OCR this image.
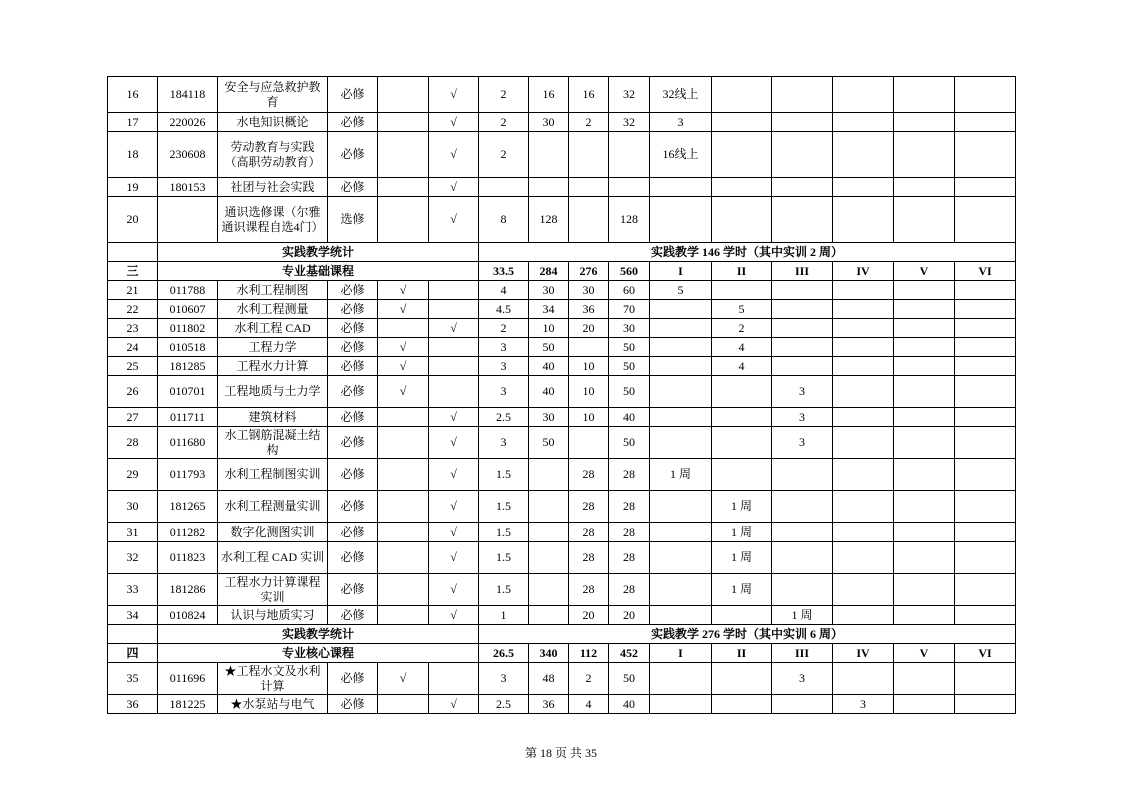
16	184118	安全与应急救护教育	必修		√	2	16	16	32	32线上					
17	220026	水电知识概论	必修		√	2	30	2	32	3					
18	230608	劳动教育与实践（高职劳动教育）	必修		√	2				16线上					
19	180153	社团与社会实践	必修		√										
20		通识选修课（尔雅通识课程自选4门）	选修		√	8	128		128						
	实践教学统计					实践教学 146 学时（其中实训 2 周）									
三	专业基础课程					33.5	284	276	560	I	II	III	IV	V	VI
21	011788	水利工程制图	必修	√		4	30	30	60	5					
22	010607	水利工程测量	必修	√		4.5	34	36	70		5				
23	011802	水利工程 CAD	必修		√	2	10	20	30		2				
24	010518	工程力学	必修	√		3	50		50		4				
25	181285	工程水力计算	必修	√		3	40	10	50		4				
26	010701	工程地质与土力学	必修	√		3	40	10	50			3			
27	011711	建筑材料	必修		√	2.5	30	10	40			3			
28	011680	水工钢筋混凝土结构	必修		√	3	50		50			3			
29	011793	水利工程制图实训	必修		√	1.5		28	28	1 周					
30	181265	水利工程测量实训	必修		√	1.5		28	28		1 周				
31	011282	数字化测图实训	必修		√	1.5		28	28		1 周				
32	011823	水利工程 CAD 实训	必修		√	1.5		28	28		1 周				
33	181286	工程水力计算课程实训	必修		√	1.5		28	28		1 周				
34	010824	认识与地质实习	必修		√	1		20	20			1 周			
	实践教学统计					实践教学 276 学时（其中实训 6 周）									
四	专业核心课程					26.5	340	112	452	I	II	III	IV	V	VI
35	011696	★工程水文及水利计算	必修	√		3	48	2	50			3			
36	181225	★水泵站与电气	必修		√	2.5	36	4	40				3		
第 18 页 共 35
